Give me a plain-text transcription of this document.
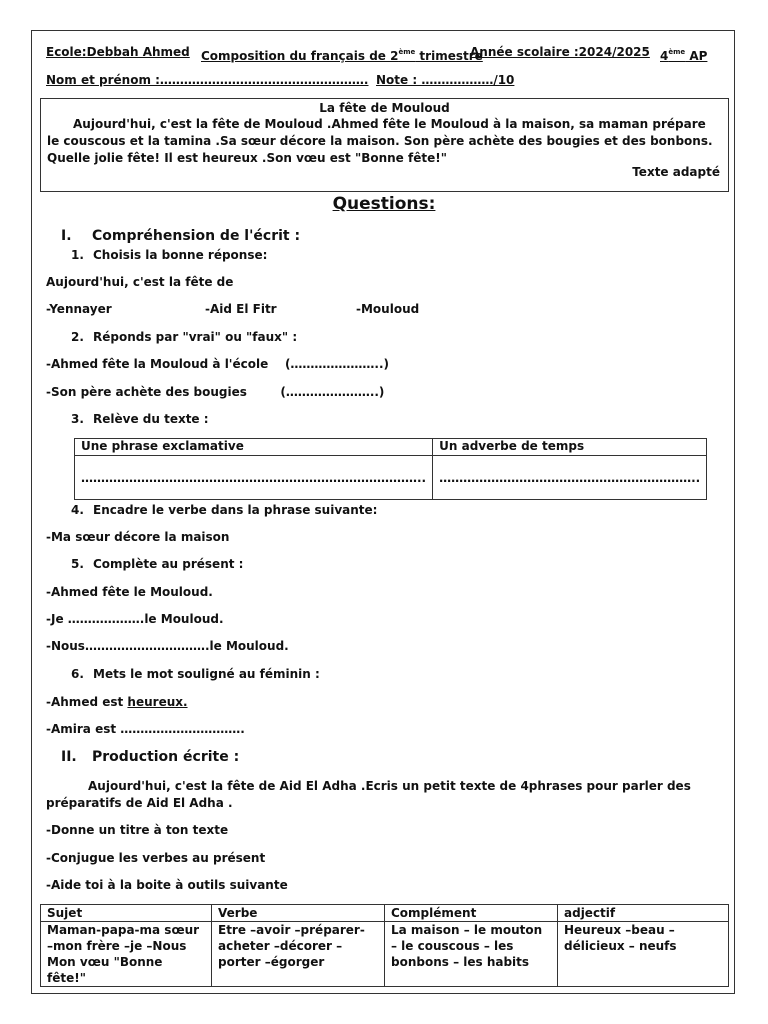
Ecole:Debbah Ahmed Composition du français de 2ème trimestre
Année scolaire :2024/2025 4ème AP
Nom et prénom :……………………………………………. Note : ………………/10
La fête de Mouloud
Aujourd'hui, c'est la fête de Mouloud .Ahmed fête le Mouloud à la maison, sa maman prépare le couscous et la tamina .Sa sœur décore la maison. Son père achète des bougies et des bonbons. Quelle jolie fête! Il est heureux .Son vœu est "Bonne fête!"
Texte adapté
Questions:
I. Compréhension de l'écrit :
1. Choisis la bonne réponse:
Aujourd'hui, c'est la fête de
-Yennayer	-Aid El Fitr	-Mouloud
2. Réponds par "vrai" ou "faux" :
-Ahmed fête la Mouloud à l'école    (…………………..)
-Son père achète des bougies        (…………………..)
3. Relève du texte :
Une phrase exclamative	Un adverbe de temps
…………………………………………………………………………..	………………………………………………………..
4. Encadre le verbe dans la phrase suivante:
-Ma sœur décore la maison
5. Complète au présent :
-Ahmed fête le Mouloud.
-Je ……………….le Mouloud.
-Nous………………………….le Mouloud.
6. Mets le mot souligné au féminin :
-Ahmed est heureux.
-Amira est ………………………….
II. Production écrite :
Aujourd'hui, c'est la fête de Aid El Adha .Ecris un petit texte de 4phrases pour parler des préparatifs de Aid El Adha .
-Donne un titre à ton texte
-Conjugue les verbes au présent
-Aide toi à la boite à outils suivante
Sujet	Verbe	Complément	adjectif
Maman-papa-ma sœur –mon frère –je –Nous Mon vœu "Bonne fête!"	Etre –avoir –préparer-acheter –décorer –porter –égorger	La maison – le mouton – le couscous – les bonbons – les habits	Heureux –beau – délicieux – neufs
